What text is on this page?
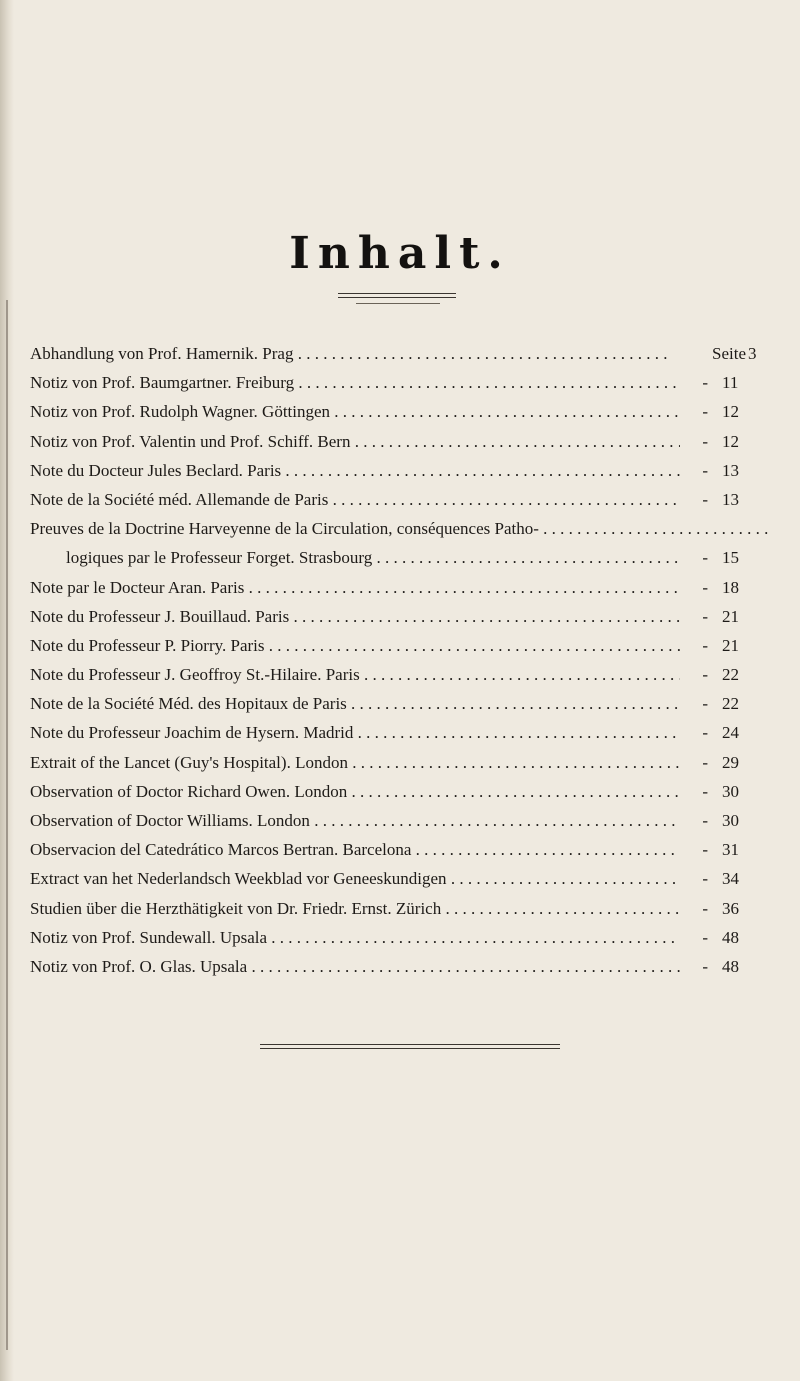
Inhalt.
Abhandlung von Prof. Hamernik. Prag . . .	Seite 3
Notiz von Prof. Baumgartner. Freiburg . . .	- 11
Notiz von Prof. Rudolph Wagner. Göttingen . . .	- 12
Notiz von Prof. Valentin und Prof. Schiff. Bern . . .	- 12
Note du Docteur Jules Beclard. Paris . . .	- 13
Note de la Société méd. Allemande de Paris . . .	- 13
Preuves de la Doctrine Harveyenne de la Circulation, conséquences Patho- . . .
logiques par le Professeur Forget. Strasbourg . . .	- 15
Note par le Docteur Aran. Paris . . .	- 18
Note du Professeur J. Bouillaud. Paris . . .	- 21
Note du Professeur P. Piorry. Paris . . .	- 21
Note du Professeur J. Geoffroy St.-Hilaire. Paris . . .	- 22
Note de la Société Méd. des Hopitaux de Paris . . .	- 22
Note du Professeur Joachim de Hysern. Madrid . . .	- 24
Extrait of the Lancet (Guy's Hospital). London . . .	- 29
Observation of Doctor Richard Owen. London . . .	- 30
Observation of Doctor Williams. London . . .	- 30
Observacion del Catedrático Marcos Bertran. Barcelona . . .	- 31
Extract van het Nederlandsch Weekblad vor Geneeskundigen . . .	- 34
Studien über die Herzthätigkeit von Dr. Friedr. Ernst. Zürich . . .	- 36
Notiz von Prof. Sundewall. Upsala . . .	- 48
Notiz von Prof. O. Glas. Upsala . . .	- 48
